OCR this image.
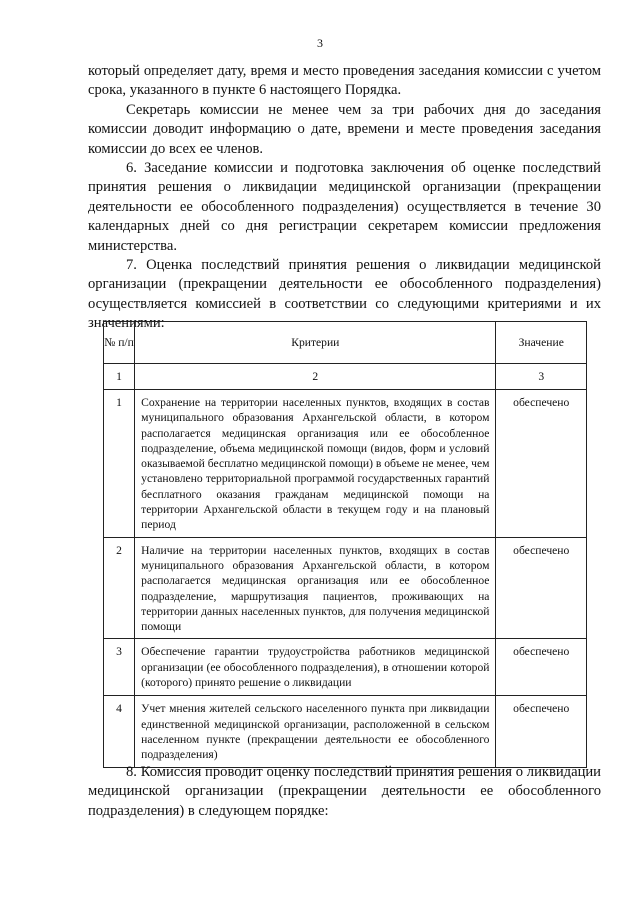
3

который определяет дату, время и место проведения заседания комиссии с учетом срока, указанного в пункте 6 настоящего Порядка.

Секретарь комиссии не менее чем за три рабочих дня до заседания комиссии доводит информацию о дате, времени и месте проведения заседания комиссии до всех ее членов.

6. Заседание комиссии и подготовка заключения об оценке последствий принятия решения о ликвидации медицинской организации (прекращении деятельности ее обособленного подразделения) осуществляется в течение 30 календарных дней со дня регистрации секретарем комиссии предложения министерства.

7. Оценка последствий принятия решения о ликвидации медицинской организации (прекращении деятельности ее обособленного подразделения) осуществляется комиссией в соответствии со следующими критериями и их значениями:

№ п/п	Критерии	Значение
1	2	3
1	Сохранение на территории населенных пунктов, входящих в состав муниципального образования Архангельской области, в котором располагается медицинская организация или ее обособленное подразделение, объема медицинской помощи (видов, форм и условий оказываемой бесплатно медицинской помощи) в объеме не менее, чем установлено территориальной программой государственных гарантий бесплатного оказания гражданам медицинской помощи на территории Архангельской области в текущем году и на плановый период	обеспечено
2	Наличие на территории населенных пунктов, входящих в состав муниципального образования Архангельской области, в котором располагается медицинская организация или ее обособленное подразделение, маршрутизация пациентов, проживающих на территории данных населенных пунктов, для получения медицинской помощи	обеспечено
3	Обеспечение гарантии трудоустройства работников медицинской организации (ее обособленного подразделения), в отношении которой (которого) принято решение о ликвидации	обеспечено
4	Учет мнения жителей сельского населенного пункта при ликвидации единственной медицинской организации, расположенной в сельском населенном пункте (прекращении деятельности ее обособленного подразделения)	обеспечено

8. Комиссия проводит оценку последствий принятия решения о ликвидации медицинской организации (прекращении деятельности ее обособленного подразделения) в следующем порядке:
